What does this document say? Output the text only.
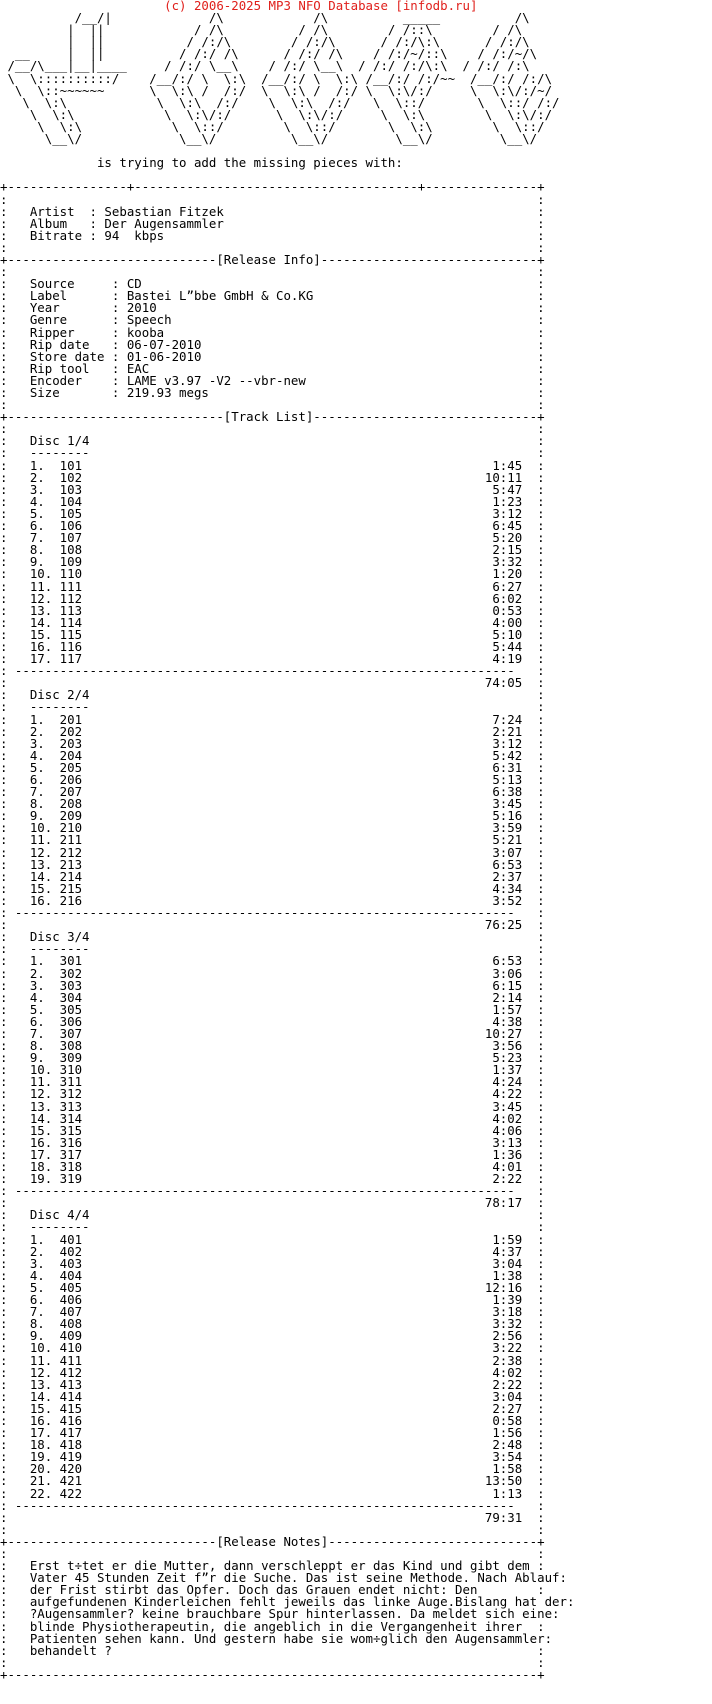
(c) 2006-2025 MP3 NFO Database [infodb.ru]
/__/|             /\            /\          _____          /\
|  ||            / /\          / /\        / /::\        / /\
|  ||           / /:/\        / /:/\      / /:/\:\      / /:/\
__     |  ||          / /:/ /\      / /:/ /\    / /:/~/::\    / /:/~/\
/__/\___|__|____     / /:/ \__\    / /:/ \__\  / /:/ /:/\:\  / /:/ /:\
\  \::::::::::/    /__/:/ \  \:\  /__/:/ \  \:\ /__/:/ /:/~~  /__/:/ /:/\
\  \::~~~~~~      \  \:\ /  /:/  \  \:\ /  /:/ \  \:\/:/     \  \:\/:/~/
\  \:\            \  \:\  /:/    \  \:\  /:/   \  \::/       \  \::/ /:/
\  \:\            \  \:\/:/      \  \:\/:/     \  \:\        \  \:\/:/
\  \:\            \  \::/        \  \::/       \  \:\        \  \::/
\__\/             \__\/          \__\/         \__\/         \__\/

is trying to add the missing pieces with:

+----------------+--------------------------------------+---------------+
:                                                                       :
:   Artist  : Sebastian Fitzek                                          :
:   Album   : Der Augensammler                                          :
:   Bitrate : 94  kbps                                                  :
:                                                                       :
+----------------------------[Release Info]-----------------------------+
:                                                                       :
:   Source     : CD                                                     :
:   Label      : Bastei L”bbe GmbH & Co.KG                              :
:   Year       : 2010                                                   :
:   Genre      : Speech                                                 :
:   Ripper     : kooba                                                  :
:   Rip date   : 06-07-2010                                             :
:   Store date : 01-06-2010                                             :
:   Rip tool   : EAC                                                    :
:   Encoder    : LAME v3.97 -V2 --vbr-new                               :
:   Size       : 219.93 megs                                            :
:                                                                       :
+-----------------------------[Track List]------------------------------+
:                                                                       :
:   Disc 1/4                                                            :
:   --------                                                            :
:   1.  101                                                       1:45  :
:   2.  102                                                      10:11  :
:   3.  103                                                       5:47  :
:   4.  104                                                       1:23  :
:   5.  105                                                       3:12  :
:   6.  106                                                       6:45  :
:   7.  107                                                       5:20  :
:   8.  108                                                       2:15  :
:   9.  109                                                       3:32  :
:   10. 110                                                       1:20  :
:   11. 111                                                       6:27  :
:   12. 112                                                       6:02  :
:   13. 113                                                       0:53  :
:   14. 114                                                       4:00  :
:   15. 115                                                       5:10  :
:   16. 116                                                       5:44  :
:   17. 117                                                       4:19  :
: -------------------------------------------------------------------   :
:                                                                74:05  :
:   Disc 2/4                                                            :
:   --------                                                            :
:   1.  201                                                       7:24  :
:   2.  202                                                       2:21  :
:   3.  203                                                       3:12  :
:   4.  204                                                       5:42  :
:   5.  205                                                       6:31  :
:   6.  206                                                       5:13  :
:   7.  207                                                       6:38  :
:   8.  208                                                       3:45  :
:   9.  209                                                       5:16  :
:   10. 210                                                       3:59  :
:   11. 211                                                       5:21  :
:   12. 212                                                       3:07  :
:   13. 213                                                       6:53  :
:   14. 214                                                       2:37  :
:   15. 215                                                       4:34  :
:   16. 216                                                       3:52  :
: -------------------------------------------------------------------   :
:                                                                76:25  :
:   Disc 3/4                                                            :
:   --------                                                            :
:   1.  301                                                       6:53  :
:   2.  302                                                       3:06  :
:   3.  303                                                       6:15  :
:   4.  304                                                       2:14  :
:   5.  305                                                       1:57  :
:   6.  306                                                       4:38  :
:   7.  307                                                      10:27  :
:   8.  308                                                       3:56  :
:   9.  309                                                       5:23  :
:   10. 310                                                       1:37  :
:   11. 311                                                       4:24  :
:   12. 312                                                       4:22  :
:   13. 313                                                       3:45  :
:   14. 314                                                       4:02  :
:   15. 315                                                       4:06  :
:   16. 316                                                       3:13  :
:   17. 317                                                       1:36  :
:   18. 318                                                       4:01  :
:   19. 319                                                       2:22  :
: -------------------------------------------------------------------   :
:                                                                78:17  :
:   Disc 4/4                                                            :
:   --------                                                            :
:   1.  401                                                       1:59  :
:   2.  402                                                       4:37  :
:   3.  403                                                       3:04  :
:   4.  404                                                       1:38  :
:   5.  405                                                      12:16  :
:   6.  406                                                       1:39  :
:   7.  407                                                       3:18  :
:   8.  408                                                       3:32  :
:   9.  409                                                       2:56  :
:   10. 410                                                       3:22  :
:   11. 411                                                       2:38  :
:   12. 412                                                       4:02  :
:   13. 413                                                       2:22  :
:   14. 414                                                       3:04  :
:   15. 415                                                       2:27  :
:   16. 416                                                       0:58  :
:   17. 417                                                       1:56  :
:   18. 418                                                       2:48  :
:   19. 419                                                       3:54  :
:   20. 420                                                       1:58  :
:   21. 421                                                      13:50  :
:   22. 422                                                       1:13  :
: -------------------------------------------------------------------   :
:                                                                79:31  :
:                                                                       :
+----------------------------[Release Notes]----------------------------+
:                                                                       :
:   Erst t÷tet er die Mutter, dann verschleppt er das Kind und gibt dem :
:   Vater 45 Stunden Zeit f”r die Suche. Das ist seine Methode. Nach Ablauf:
:   der Frist stirbt das Opfer. Doch das Grauen endet nicht: Den        :
:   aufgefundenen Kinderleichen fehlt jeweils das linke Auge.Bislang hat der:
:   ?Augensammler? keine brauchbare Spur hinterlassen. Da meldet sich eine:
:   blinde Physiotherapeutin, die angeblich in die Vergangenheit ihrer  :
:   Patienten sehen kann. Und gestern habe sie wom÷glich den Augensammler:
:   behandelt ?                                                         :
:                                                                       :
+-----------------------------------------------------------------------+
